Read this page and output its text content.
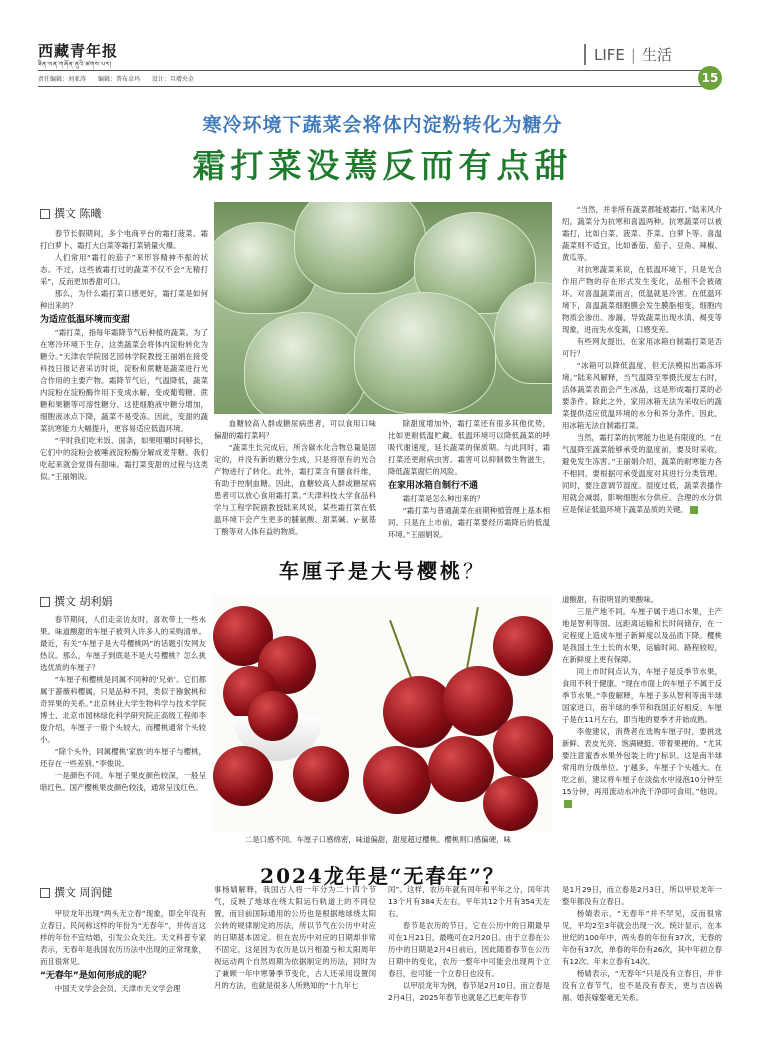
西藏青年报
ཟིན་ལན་གཞོན་ནུའི་ཚགས་པར།
责任编辑：刘亚涛 编辑：普布卓玛 设计：旦增央金
LIFE | 生活
15
寒冷环境下蔬菜会将体内淀粉转化为糖分
霜打菜没蔫反而有点甜
撰文 陈曦

春节长假期间，多个电商平台的霜打菠菜、霜打白萝卜、霜打大白菜等霜打菜销量火爆。

人们常用“霜打的茄子”来形容精神不振的状态。不过，这些被霜打过的蔬菜不仅不会“无精打采”，反而更加香甜可口。

那么，为什么霜打菜口感更好，霜打菜是如何种出来的？

为适应低温环境而变甜

“霜打菜，指每年霜降节气后种植的蔬菜。为了在寒冷环境下生存，这类蔬菜会将体内淀粉转化为糖分。”天津农学院园艺园林学院教授王丽娟在接受科技日报记者采访时说，淀粉和蔗糖是蔬菜进行光合作用的主要产物。霜降节气后，气温降低，蔬菜内淀粉在淀粉酶作用下变成水解，变成葡萄糖、蔗糖和果糖等可溶性糖分。这使细胞液中糖分增加，细胞液冰点下降，蔬菜不易受冻。因此，变甜的蔬菜抗寒能力大幅提升，更容易适应低温环境。

“平时我们吃米饭、面条，如果咀嚼时间够长，它们中的淀粉会被唾液淀粉酶分解成麦芽糖。我们吃起来就会觉得有甜味。霜打菜变甜的过程与这类似。”王丽娟说。

血糖较高人群或糖尿病患者，可以食用口味偏甜的霜打菜吗？

“蔬菜生长完成后，所含碳水化合物总量是固定的，并没有新的糖分生成，只是将原有的光合产物进行了转化。此外，霜打菜含有膳食纤维，有助于控制血糖。因此，血糖较高人群或糖尿病患者可以放心食用霜打菜。”天津科技大学食品科学与工程学院副教授陆来风说，某些霜打菜在低温环境下会产生更多的脯氨酸、甜菜碱、γ-氨基丁酸等对人体有益的物质。

除甜度增加外，霜打菜还有很多其他优势，比如更耐低温贮藏。低温环境可以降低蔬菜的呼吸代谢速度，延长蔬菜的保质期。与此同时，霜打菜还更耐病虫害。霜害可以抑制微生物滋生，降低蔬菜腐烂的风险。

在家用冰箱自制行不通

霜打菜是怎么种出来的？

“霜打菜与普通蔬菜在前期种植管理上基本相同。只是在上市前，霜打菜要经历霜降后的低温环境。”王丽娟说。

“当然，并非所有蔬菜都能被霜打。”陆来风介绍，蔬菜分为抗寒和喜温两种。抗寒蔬菜可以被霜打，比如白菜、菠菜、芥菜、白萝卜等。喜温蔬菜则不适宜，比如番茄、茄子、豆角、辣椒、黄瓜等。

对抗寒蔬菜来说，在低温环境下，只是光合作用产物的存在形式发生变化，品相不会被破坏。对喜温蔬菜而言，低温就是冷害。在低温环境下，喜温蔬菜细胞膜会发生膜脂相变，细胞内物质会渗出、渗漏，导致蔬菜出现水渍、褐变等现象，进而失水变蔫，口感变差。

有些网友提出，在家用冰箱自制霜打菜是否可行？

“冰箱可以降低温度，但无法模拟出霜冻环境。”陆来风解释，当气温降至零摄氏度左右时，活体蔬菜表面会产生冰晶，这是形成霜打菜的必要条件。除此之外，家用冰箱无法为采收后的蔬菜提供适应低温环境的水分和养分条件。因此，用冰箱无法自制霜打菜。

当然，霜打菜的抗寒能力也是有限度的。“在气温降至蔬菜能够承受的温度前，要及时采收，避免发生冻害。”王丽娟介绍，蔬菜的耐寒能力各不相同，要根据可承受温度对其进行分类管理。同时，要注意调节湿度。湿度过低，蔬菜表播作用就会减弱，影响细胞水分供应。合理的水分供应是保证低温环境下蔬菜品质的关键。

车厘子是大号樱桃？
撰文 胡利娟

春节期间，人们走亲访友时，喜欢带上一些水果。味道酸甜的车厘子被列入许多人的采购清单。最近，有关“车厘子是大号樱桃吗”的话题引发网友热议。那么，车厘子到底是不是大号樱桃？怎么挑选优质的车厘子？

“车厘子和樱桃是同属不同种的‘兄弟’。它们都属于蔷薇科樱属，只是品种不同，类似于猕猴桃和奇异果的关系。”北京林业大学生物科学与技术学院博士、北京市园林绿化科学研究院正高级工程师李俊介绍，车厘子一般个头较大，而樱桃通常个头较小。

“除个头外，同属樱桃‘家族’的车厘子与樱桃，还存在一些差别。”李俊说。

一是颜色不同。车厘子果皮颜色较深，一般呈暗红色。国产樱桃果皮颜色较浅，通常呈浅红色。

二是口感不同。车厘子口感绵密，味道偏甜，甜度超过樱桃。樱桃则口感偏硬，味

道酸甜，有很明显的果酸味。

三是产地不同。车厘子属于进口水果，主产地是智利等国。远距离运输和长时间储存，在一定程度上造成车厘子新鲜度以及品质下降。樱桃是我国土生土长的水果，运输时间、路程较短，在新鲜度上更有保障。

同上市时间点认为，车厘子是反季节水果，食用不利于健康。“现在市面上的车厘子不属于反季节水果。”李俊解释，车厘子多从智利等南半球国家进口，南半球的季节和我国正好相反。车厘子是在11月左右，即当地的夏季才开始成熟。

李俊建议，消费者在选购车厘子时，要挑选新鲜、表皮光亮、饱满硬挺、带着果梗的。“尤其要注意蜜香水果外包装上的‘J’标识。这是南半球常用的分级单位。‘J’越多，车厘子个头越大。在吃之前，建议将车厘子在淡盐水中浸泡10分钟至15分钟，再用流动水冲洗干净即可食用。”他说。

2024龙年是“无春年”？
撰文 周润健

甲辰龙年出现“两头无立春”现象，即全年没有立春日。民间称这样的年份为“无春年”，并传言这样的年份不宜结婚，引发公众关注。天文科普专家表示，无春年是我国农历历法中出现的正常现象，而且很常见。

“无春年”是如何形成的呢？

中国天文学会会员、天津市天文学会理

事杨婧解释，我国古人将一年分为二十四个节气，反映了地球在绕太阳运行轨道上的不同位置，而目前国际通用的公历也是根据地球绕太阳公转的规律制定的历法，所以节气在公历中对应的日期基本固定。但在农历中对应的日期却非常不固定。这是因为农历是以月相盈亏和太阳周年视运动两个自然周期为依据制定的历法，同时为了兼顾一年中寒暑季节变化，古人还采用设置闰月的方法，也就是很多人所熟知的“十九年七

闰”。这样，农历年就有闰年和平年之分，闰年共13个月有384天左右，平年共12个月有354天左右。

春节是农历的节日，它在公历中的日期最早可在1月21日，最晚可在2月20日。由于立春在公历中的日期是2月4日前后，因此随着春节在公历日期中的变化，农历一整年中可能会出现两个立春日，也可能一个立春日也没有。

以甲辰龙年为例，春节是2月10日，而立春是2月4日，2025年春节也就是乙巳蛇年春节

是1月29日，而立春是2月3日，所以甲辰龙年一整年都没有立春日。

杨婧表示，“无春年”并不罕见，反而很常见，平均2至3年就会出现一次。统计显示，在本世纪的100年中，两头春的年份有37次，无春的年份有37次，单春的年份有26次，其中年初立春有12次、年末立春有14次。

杨婧表示，“无春年”只是没有立春日，并非没有立春节气，也不是没有春天，更与吉凶祸福、婚丧嫁娶毫无关系。
